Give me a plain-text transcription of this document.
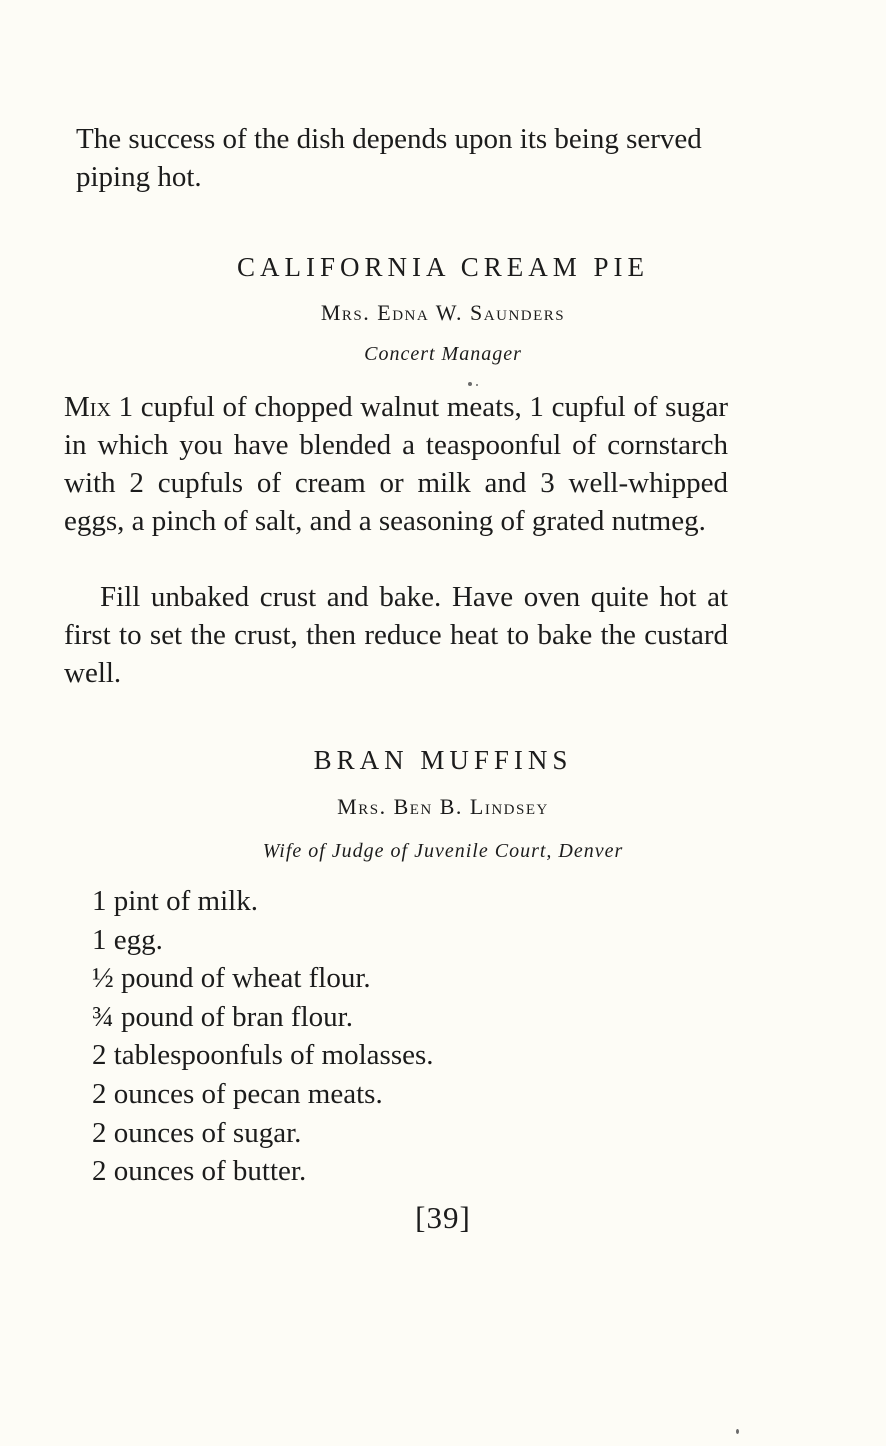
The success of the dish depends upon its being served piping hot.

CALIFORNIA CREAM PIE

Mrs. Edna W. Saunders

Concert Manager

Mix 1 cupful of chopped walnut meats, 1 cupful of sugar in which you have blended a teaspoonful of cornstarch with 2 cupfuls of cream or milk and 3 well-whipped eggs, a pinch of salt, and a seasoning of grated nutmeg.

Fill unbaked crust and bake. Have oven quite hot at first to set the crust, then reduce heat to bake the custard well.

BRAN MUFFINS

Mrs. Ben B. Lindsey

Wife of Judge of Juvenile Court, Denver

1 pint of milk.
1 egg.
½ pound of wheat flour.
¾ pound of bran flour.
2 tablespoonfuls of molasses.
2 ounces of pecan meats.
2 ounces of sugar.
2 ounces of butter.
[39]
